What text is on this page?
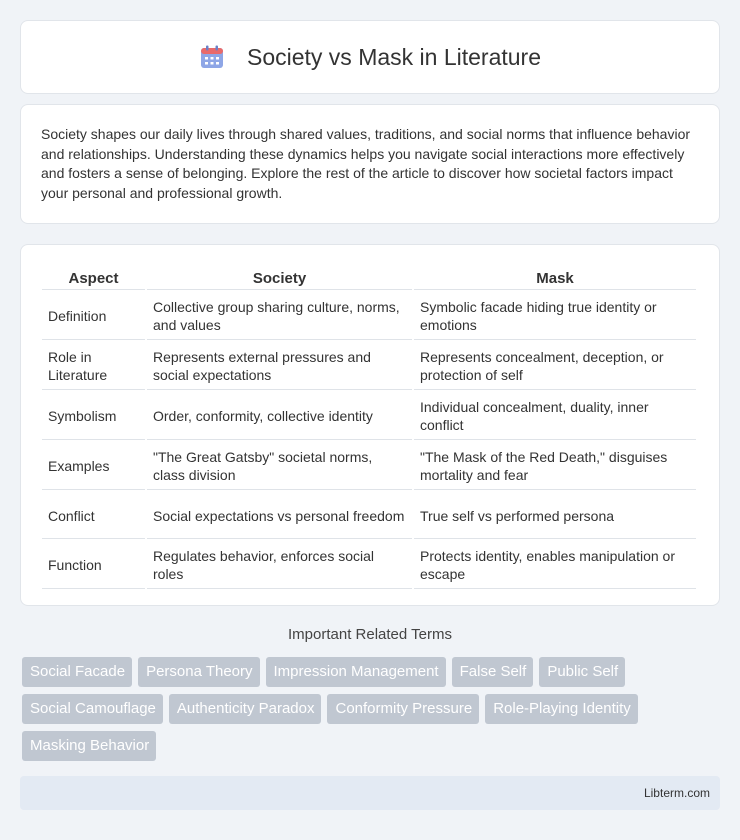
Society vs Mask in Literature

Society shapes our daily lives through shared values, traditions, and social norms that influence behavior and relationships. Understanding these dynamics helps you navigate social interactions more effectively and fosters a sense of belonging. Explore the rest of the article to discover how societal factors impact your personal and professional growth.

Aspect	Society	Mask
Definition	Collective group sharing culture, norms, and values	Symbolic facade hiding true identity or emotions
Role in Literature	Represents external pressures and social expectations	Represents concealment, deception, or protection of self
Symbolism	Order, conformity, collective identity	Individual concealment, duality, inner conflict
Examples	"The Great Gatsby" societal norms, class division	"The Mask of the Red Death," disguises mortality and fear
Conflict	Social expectations vs personal freedom	True self vs performed persona
Function	Regulates behavior, enforces social roles	Protects identity, enables manipulation or escape
Important Related Terms
Social Facade	Persona Theory	Impression Management	False Self	Public Self
Social Camouflage	Authenticity Paradox	Conformity Pressure	Role-Playing Identity
Masking Behavior
Libterm.com
